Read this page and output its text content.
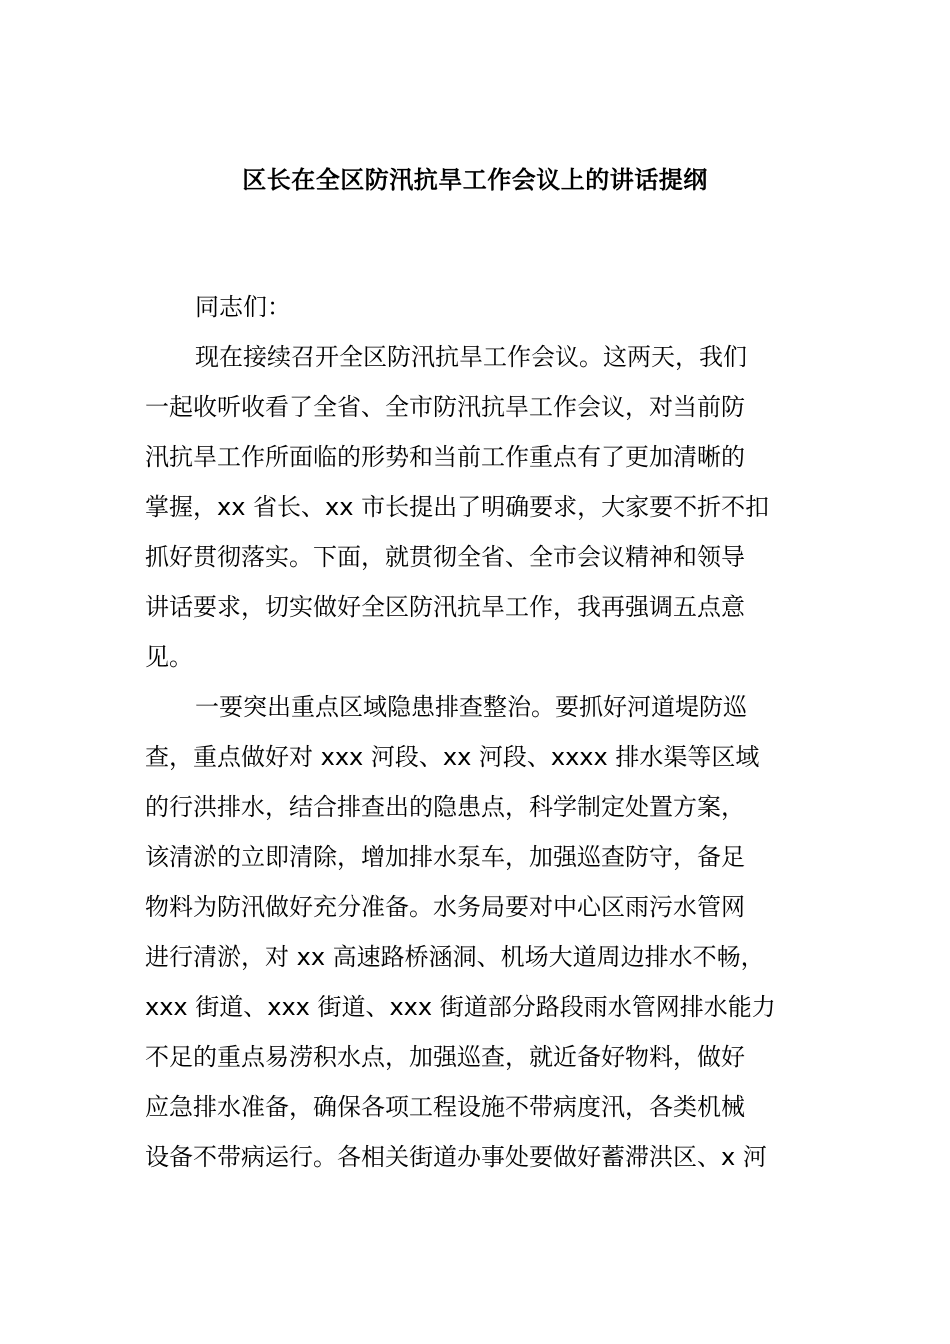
区长在全区防汛抗旱工作会议上的讲话提纲
同志们：
现在接续召开全区防汛抗旱工作会议。这两天，我们
一起收听收看了全省、全市防汛抗旱工作会议，对当前防
汛抗旱工作所面临的形势和当前工作重点有了更加清晰的
掌握，xx 省长、xx 市长提出了明确要求，大家要不折不扣
抓好贯彻落实。下面，就贯彻全省、全市会议精神和领导
讲话要求，切实做好全区防汛抗旱工作，我再强调五点意
见。
一要突出重点区域隐患排查整治。要抓好河道堤防巡
查，重点做好对 xxx 河段、xx 河段、xxxx 排水渠等区域
的行洪排水，结合排查出的隐患点，科学制定处置方案，
该清淤的立即清除，增加排水泵车，加强巡查防守，备足
物料为防汛做好充分准备。水务局要对中心区雨污水管网
进行清淤，对 xx 高速路桥涵洞、机场大道周边排水不畅，
xxx 街道、xxx 街道、xxx 街道部分路段雨水管网排水能力
不足的重点易涝积水点，加强巡查，就近备好物料，做好
应急排水准备，确保各项工程设施不带病度汛，各类机械
设备不带病运行。各相关街道办事处要做好蓄滞洪区、x 河
